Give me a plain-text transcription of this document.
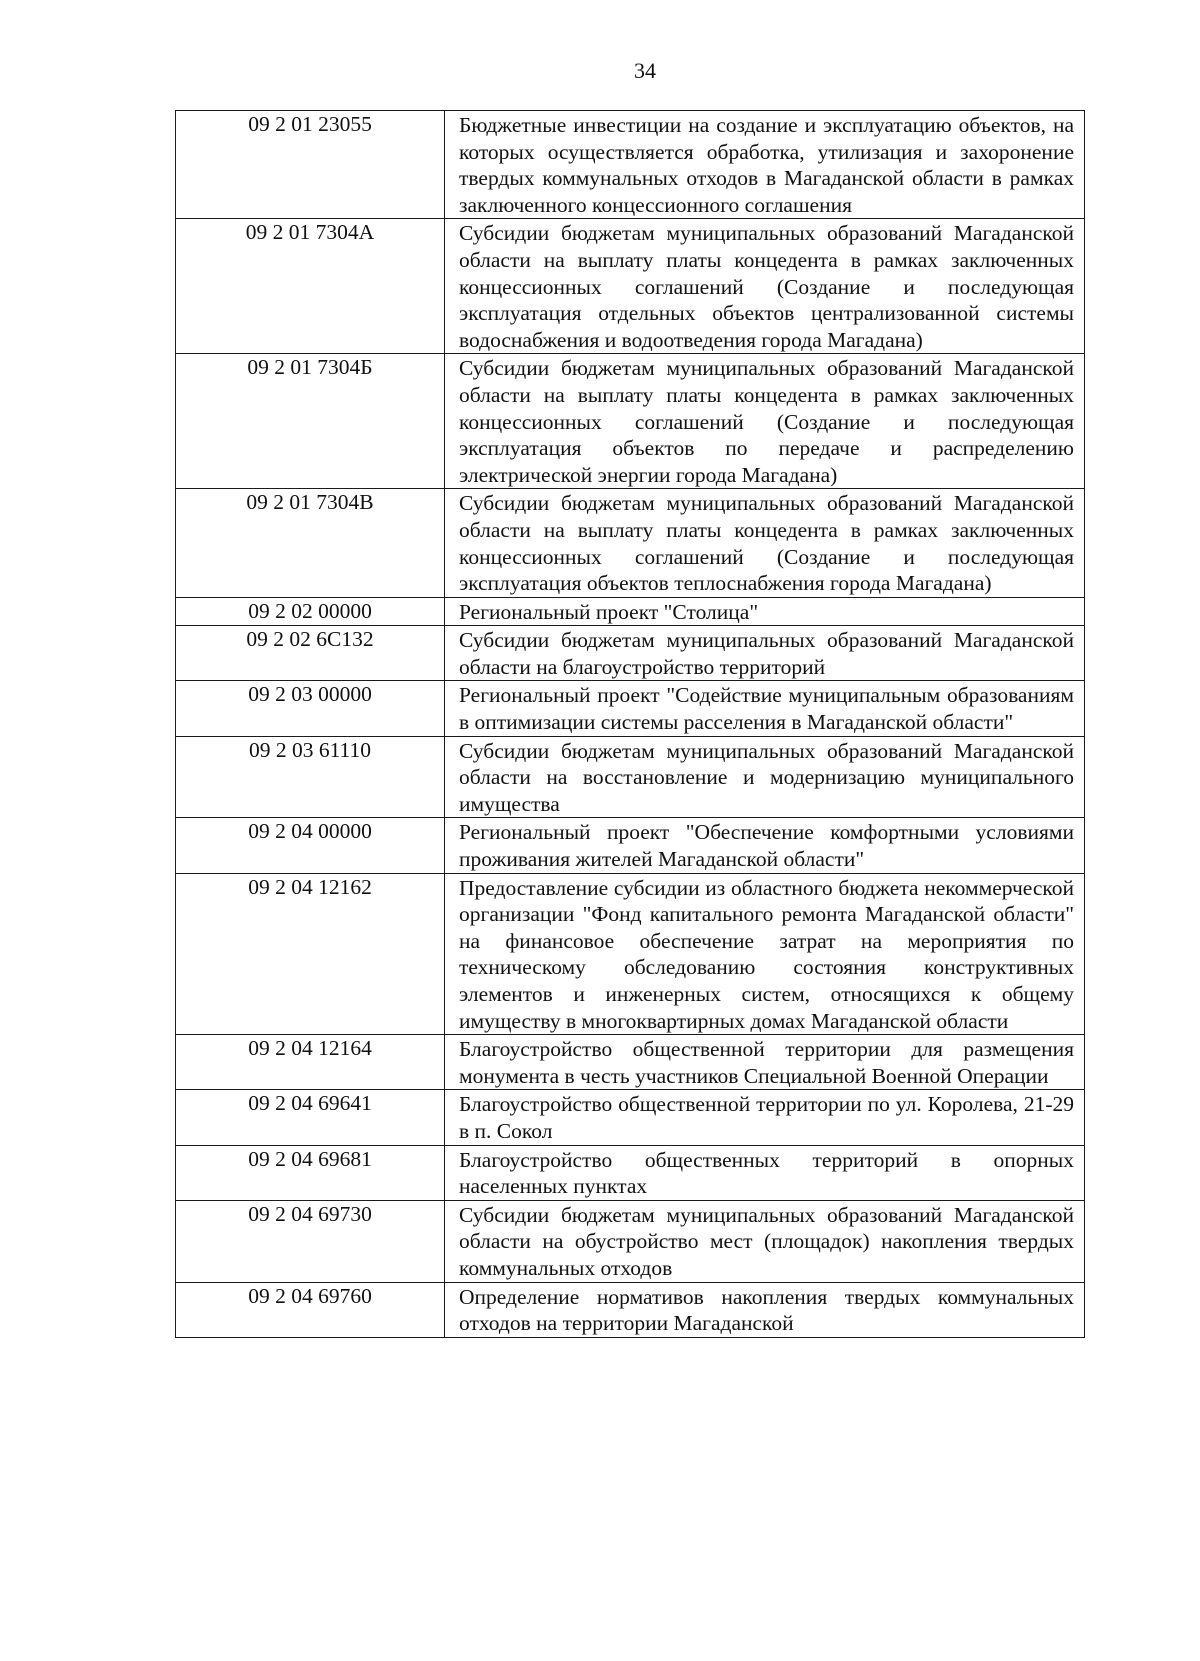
34
09 2 01 23055	Бюджетные инвестиции на создание и эксплуатацию объектов, на которых осуществляется обработка, утилизация и захоронение твердых коммунальных отходов в Магаданской области в рамках заключенного концессионного соглашения
09 2 01 7304А	Субсидии бюджетам муниципальных образований Магаданской области на выплату платы концедента в рамках заключенных концессионных соглашений (Создание и последующая эксплуатация отдельных объектов централизованной системы водоснабжения и водоотведения города Магадана)
09 2 01 7304Б	Субсидии бюджетам муниципальных образований Магаданской области на выплату платы концедента в рамках заключенных концессионных соглашений (Создание и последующая эксплуатация объектов по передаче и распределению электрической энергии города Магадана)
09 2 01 7304В	Субсидии бюджетам муниципальных образований Магаданской области на выплату платы концедента в рамках заключенных концессионных соглашений (Создание и последующая эксплуатация объектов теплоснабжения города Магадана)
09 2 02 00000	Региональный проект "Столица"
09 2 02 6С132	Субсидии бюджетам муниципальных образований Магаданской области на благоустройство территорий
09 2 03 00000	Региональный проект "Содействие муниципальным образованиям в оптимизации системы расселения в Магаданской области"
09 2 03 61110	Субсидии бюджетам муниципальных образований Магаданской области на восстановление и модернизацию муниципального имущества
09 2 04 00000	Региональный проект "Обеспечение комфортными условиями проживания жителей Магаданской области"
09 2 04 12162	Предоставление субсидии из областного бюджета некоммерческой организации "Фонд капитального ремонта Магаданской области" на финансовое обеспечение затрат на мероприятия по техническому обследованию состояния конструктивных элементов и инженерных систем, относящихся к общему имуществу в многоквартирных домах Магаданской области
09 2 04 12164	Благоустройство общественной территории для размещения монумента в честь участников Специальной Военной Операции
09 2 04 69641	Благоустройство общественной территории по ул. Королева, 21-29 в п. Сокол
09 2 04 69681	Благоустройство общественных территорий в опорных населенных пунктах
09 2 04 69730	Субсидии бюджетам муниципальных образований Магаданской области на обустройство мест (площадок) накопления твердых коммунальных отходов
09 2 04 69760	Определение нормативов накопления твердых коммунальных отходов на территории Магаданской
